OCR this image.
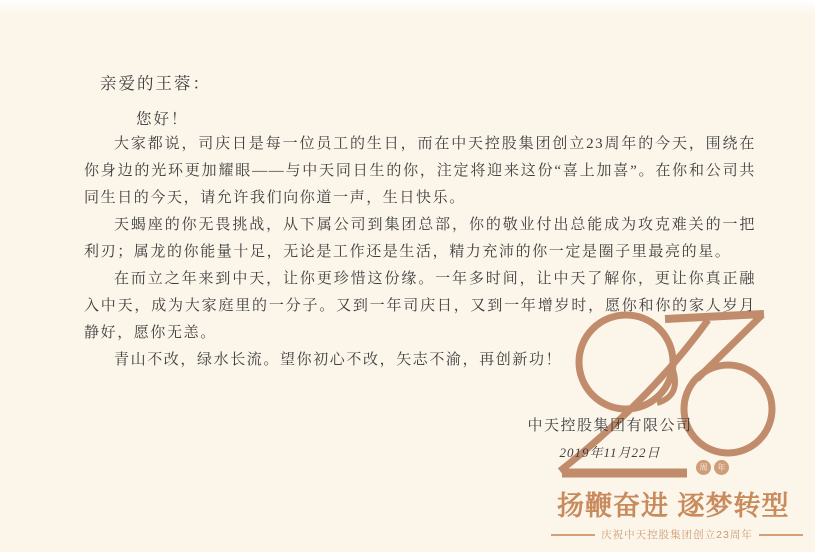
亲爱的王蓉：
您好！

大家都说，司庆日是每一位员工的生日，而在中天控股集团创立23周年的今天，围绕在你身边的光环更加耀眼——与中天同日生的你，注定将迎来这份“喜上加喜”。在你和公司共同生日的今天，请允许我们向你道一声，生日快乐。

天蝎座的你无畏挑战，从下属公司到集团总部，你的敬业付出总能成为攻克难关的一把利刃；属龙的你能量十足，无论是工作还是生活，精力充沛的你一定是圈子里最亮的星。

在而立之年来到中天，让你更珍惜这份缘。一年多时间，让中天了解你，更让你真正融入中天，成为大家庭里的一分子。又到一年司庆日，又到一年增岁时，愿你和你的家人岁月静好，愿你无恙。

青山不改，绿水长流。望你初心不改，矢志不渝，再创新功！

中天控股集团有限公司
2019年11月22日
周	年
扬鞭奋进 逐梦转型
庆祝中天控股集团创立23周年
